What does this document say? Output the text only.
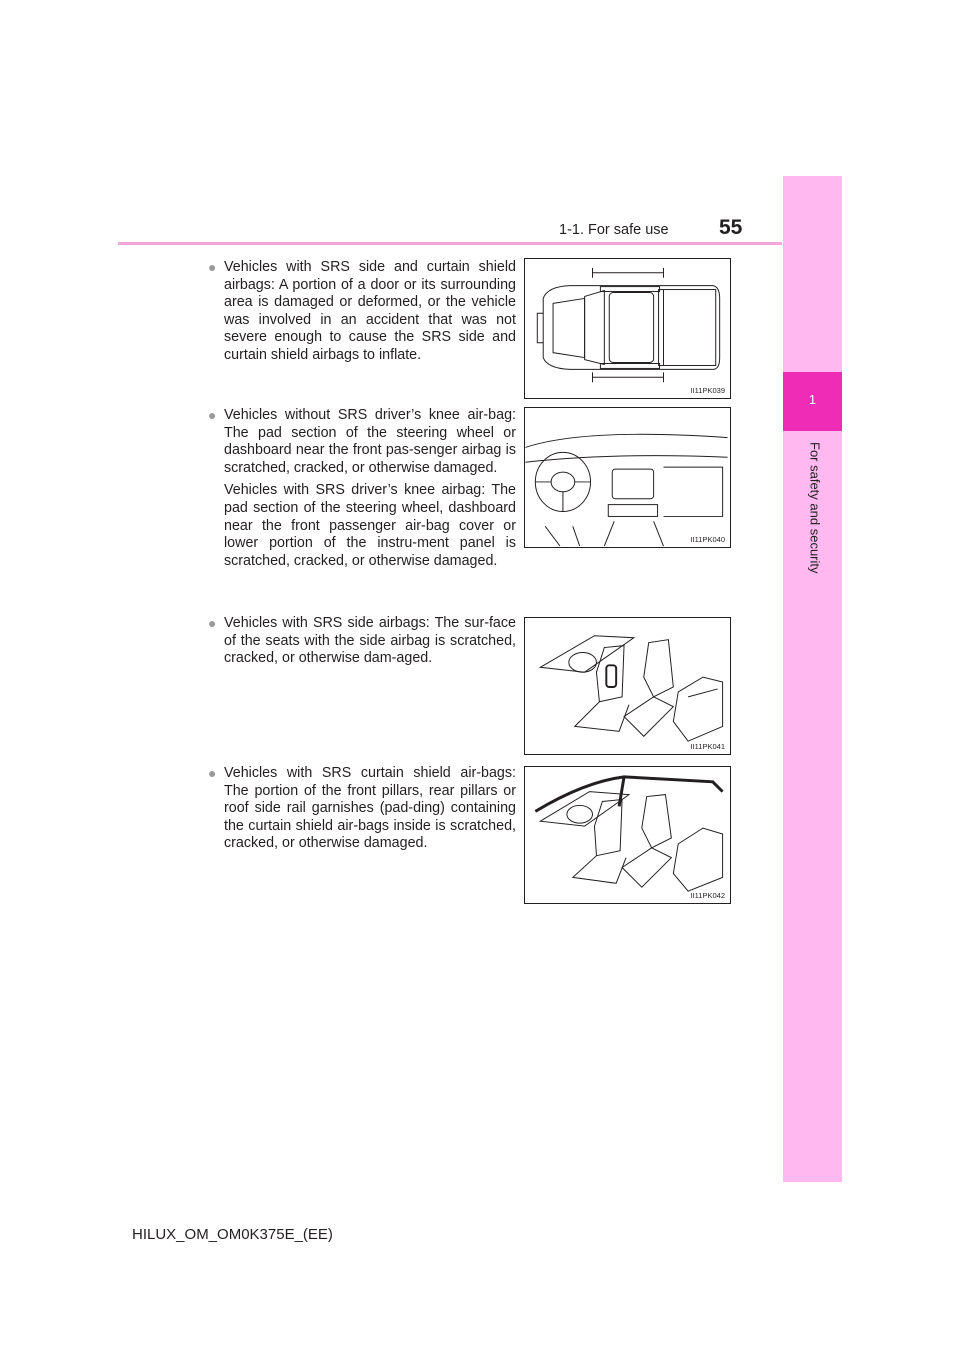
1-1. For safe use 55
1
For safety and security
● Vehicles with SRS side and curtain shield airbags: A portion of a door or its surrounding area is damaged or deformed, or the vehicle was involved in an accident that was not severe enough to cause the SRS side and curtain shield airbags to inflate.

II11PK039
● Vehicles without SRS driver’s knee air-bag: The pad section of the steering wheel or dashboard near the front pas-senger airbag is scratched, cracked, or otherwise damaged.

Vehicles with SRS driver’s knee airbag: The pad section of the steering wheel, dashboard near the front passenger air-bag cover or lower portion of the instru-ment panel is scratched, cracked, or otherwise damaged.

II11PK040
● Vehicles with SRS side airbags: The sur-face of the seats with the side airbag is scratched, cracked, or otherwise dam-aged.

II11PK041
● Vehicles with SRS curtain shield air-bags: The portion of the front pillars, rear pillars or roof side rail garnishes (pad-ding) containing the curtain shield air-bags inside is scratched, cracked, or otherwise damaged.

II11PK042
HILUX_OM_OM0K375E_(EE)
